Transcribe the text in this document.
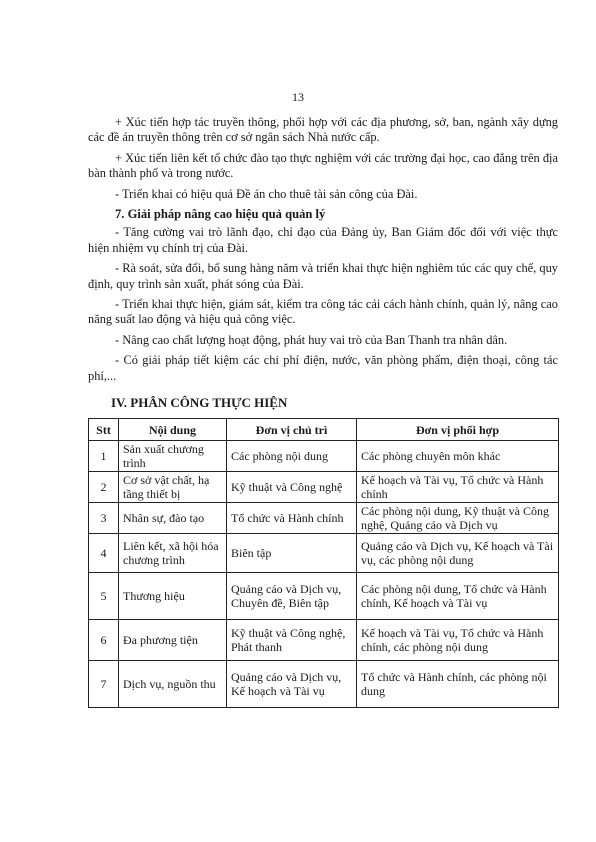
13

+ Xúc tiến hợp tác truyền thông, phối hợp với các địa phương, sở, ban, ngành xây dựng các đề án truyền thông trên cơ sở ngân sách Nhà nước cấp.

+ Xúc tiến liên kết tổ chức đào tạo thực nghiệm với các trường đại học, cao đẳng trên địa bàn thành phố và trong nước.

- Triển khai có hiệu quả Đề án cho thuê tài sản công của Đài.

7. Giải pháp nâng cao hiệu quả quản lý

- Tăng cường vai trò lãnh đạo, chỉ đạo của Đảng ủy, Ban Giám đốc đối với việc thực hiện nhiệm vụ chính trị của Đài.

- Rà soát, sửa đổi, bổ sung hàng năm và triển khai thực hiện nghiêm túc các quy chế, quy định, quy trình sản xuất, phát sóng của Đài.

- Triển khai thực hiện, giám sát, kiểm tra công tác cải cách hành chính, quản lý, nâng cao năng suất lao động và hiệu quả công việc.

- Nâng cao chất lượng hoạt động, phát huy vai trò của Ban Thanh tra nhân dân.

- Có giải pháp tiết kiệm các chi phí điện, nước, văn phòng phẩm, điện thoại, công tác phí,...

IV. PHÂN CÔNG THỰC HIỆN
Stt	Nội dung	Đơn vị chủ trì	Đơn vị phối hợp
1	Sản xuất chương trình	Các phòng nội dung	Các phòng chuyên môn khác
2	Cơ sở vật chất, hạ tầng thiết bị	Kỹ thuật và Công nghệ	Kế hoạch và Tài vụ, Tổ chức và Hành chính
3	Nhân sự, đào tạo	Tổ chức và Hành chính	Các phòng nội dung, Kỹ thuật và Công nghệ, Quảng cáo và Dịch vụ
4	Liên kết, xã hội hóa chương trình	Biên tập	Quảng cáo và Dịch vụ, Kế hoạch và Tài vụ, các phòng nội dung
5	Thương hiệu	Quảng cáo và Dịch vụ, Chuyên đề, Biên tập	Các phòng nội dung, Tổ chức và Hành chính, Kế hoạch và Tài vụ
6	Đa phương tiện	Kỹ thuật và Công nghệ, Phát thanh	Kế hoạch và Tài vụ, Tổ chức và Hành chính, các phòng nội dung
7	Dịch vụ, nguồn thu	Quảng cáo và Dịch vụ, Kế hoạch và Tài vụ	Tổ chức và Hành chính, các phòng nội dung
